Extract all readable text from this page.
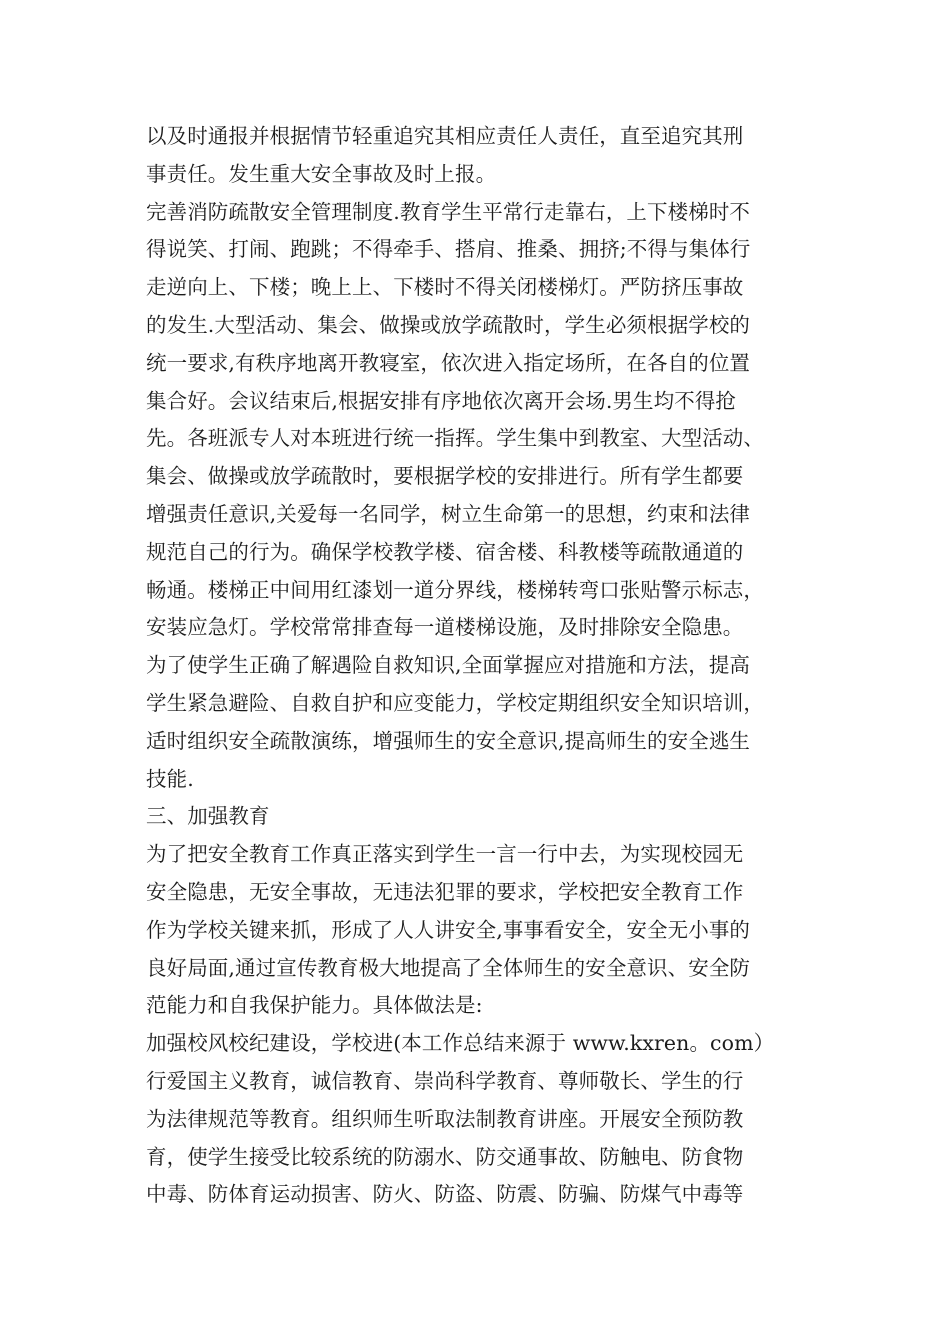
以及时通报并根据情节轻重追究其相应责任人责任，直至追究其刑
事责任。发生重大安全事故及时上报。
完善消防疏散安全管理制度.教育学生平常行走靠右，上下楼梯时不
得说笑、打闹、跑跳；不得牵手、搭肩、推桑、拥挤;不得与集体行
走逆向上、下楼；晚上上、下楼时不得关闭楼梯灯。严防挤压事故
的发生.大型活动、集会、做操或放学疏散时，学生必须根据学校的
统一要求,有秩序地离开教寝室，依次进入指定场所，在各自的位置
集合好。会议结束后,根据安排有序地依次离开会场.男生均不得抢
先。各班派专人对本班进行统一指挥。学生集中到教室、大型活动、
集会、做操或放学疏散时，要根据学校的安排进行。所有学生都要
增强责任意识,关爱每一名同学，树立生命第一的思想，约束和法律
规范自己的行为。确保学校教学楼、宿舍楼、科教楼等疏散通道的
畅通。楼梯正中间用红漆划一道分界线，楼梯转弯口张贴警示标志，
安装应急灯。学校常常排查每一道楼梯设施，及时排除安全隐患。
为了使学生正确了解遇险自救知识,全面掌握应对措施和方法，提高
学生紧急避险、自救自护和应变能力，学校定期组织安全知识培训，
适时组织安全疏散演练，增强师生的安全意识,提高师生的安全逃生
技能.
三、加强教育
为了把安全教育工作真正落实到学生一言一行中去，为实现校园无
安全隐患，无安全事故，无违法犯罪的要求，学校把安全教育工作
作为学校关键来抓，形成了人人讲安全,事事看安全，安全无小事的
良好局面,通过宣传教育极大地提高了全体师生的安全意识、安全防
范能力和自我保护能力。具体做法是:
加强校风校纪建设，学校进(本工作总结来源于 www.kxren。com）
行爱国主义教育，诚信教育、崇尚科学教育、尊师敬长、学生的行
为法律规范等教育。组织师生听取法制教育讲座。开展安全预防教
育，使学生接受比较系统的防溺水、防交通事故、防触电、防食物
中毒、防体育运动损害、防火、防盗、防震、防骗、防煤气中毒等
